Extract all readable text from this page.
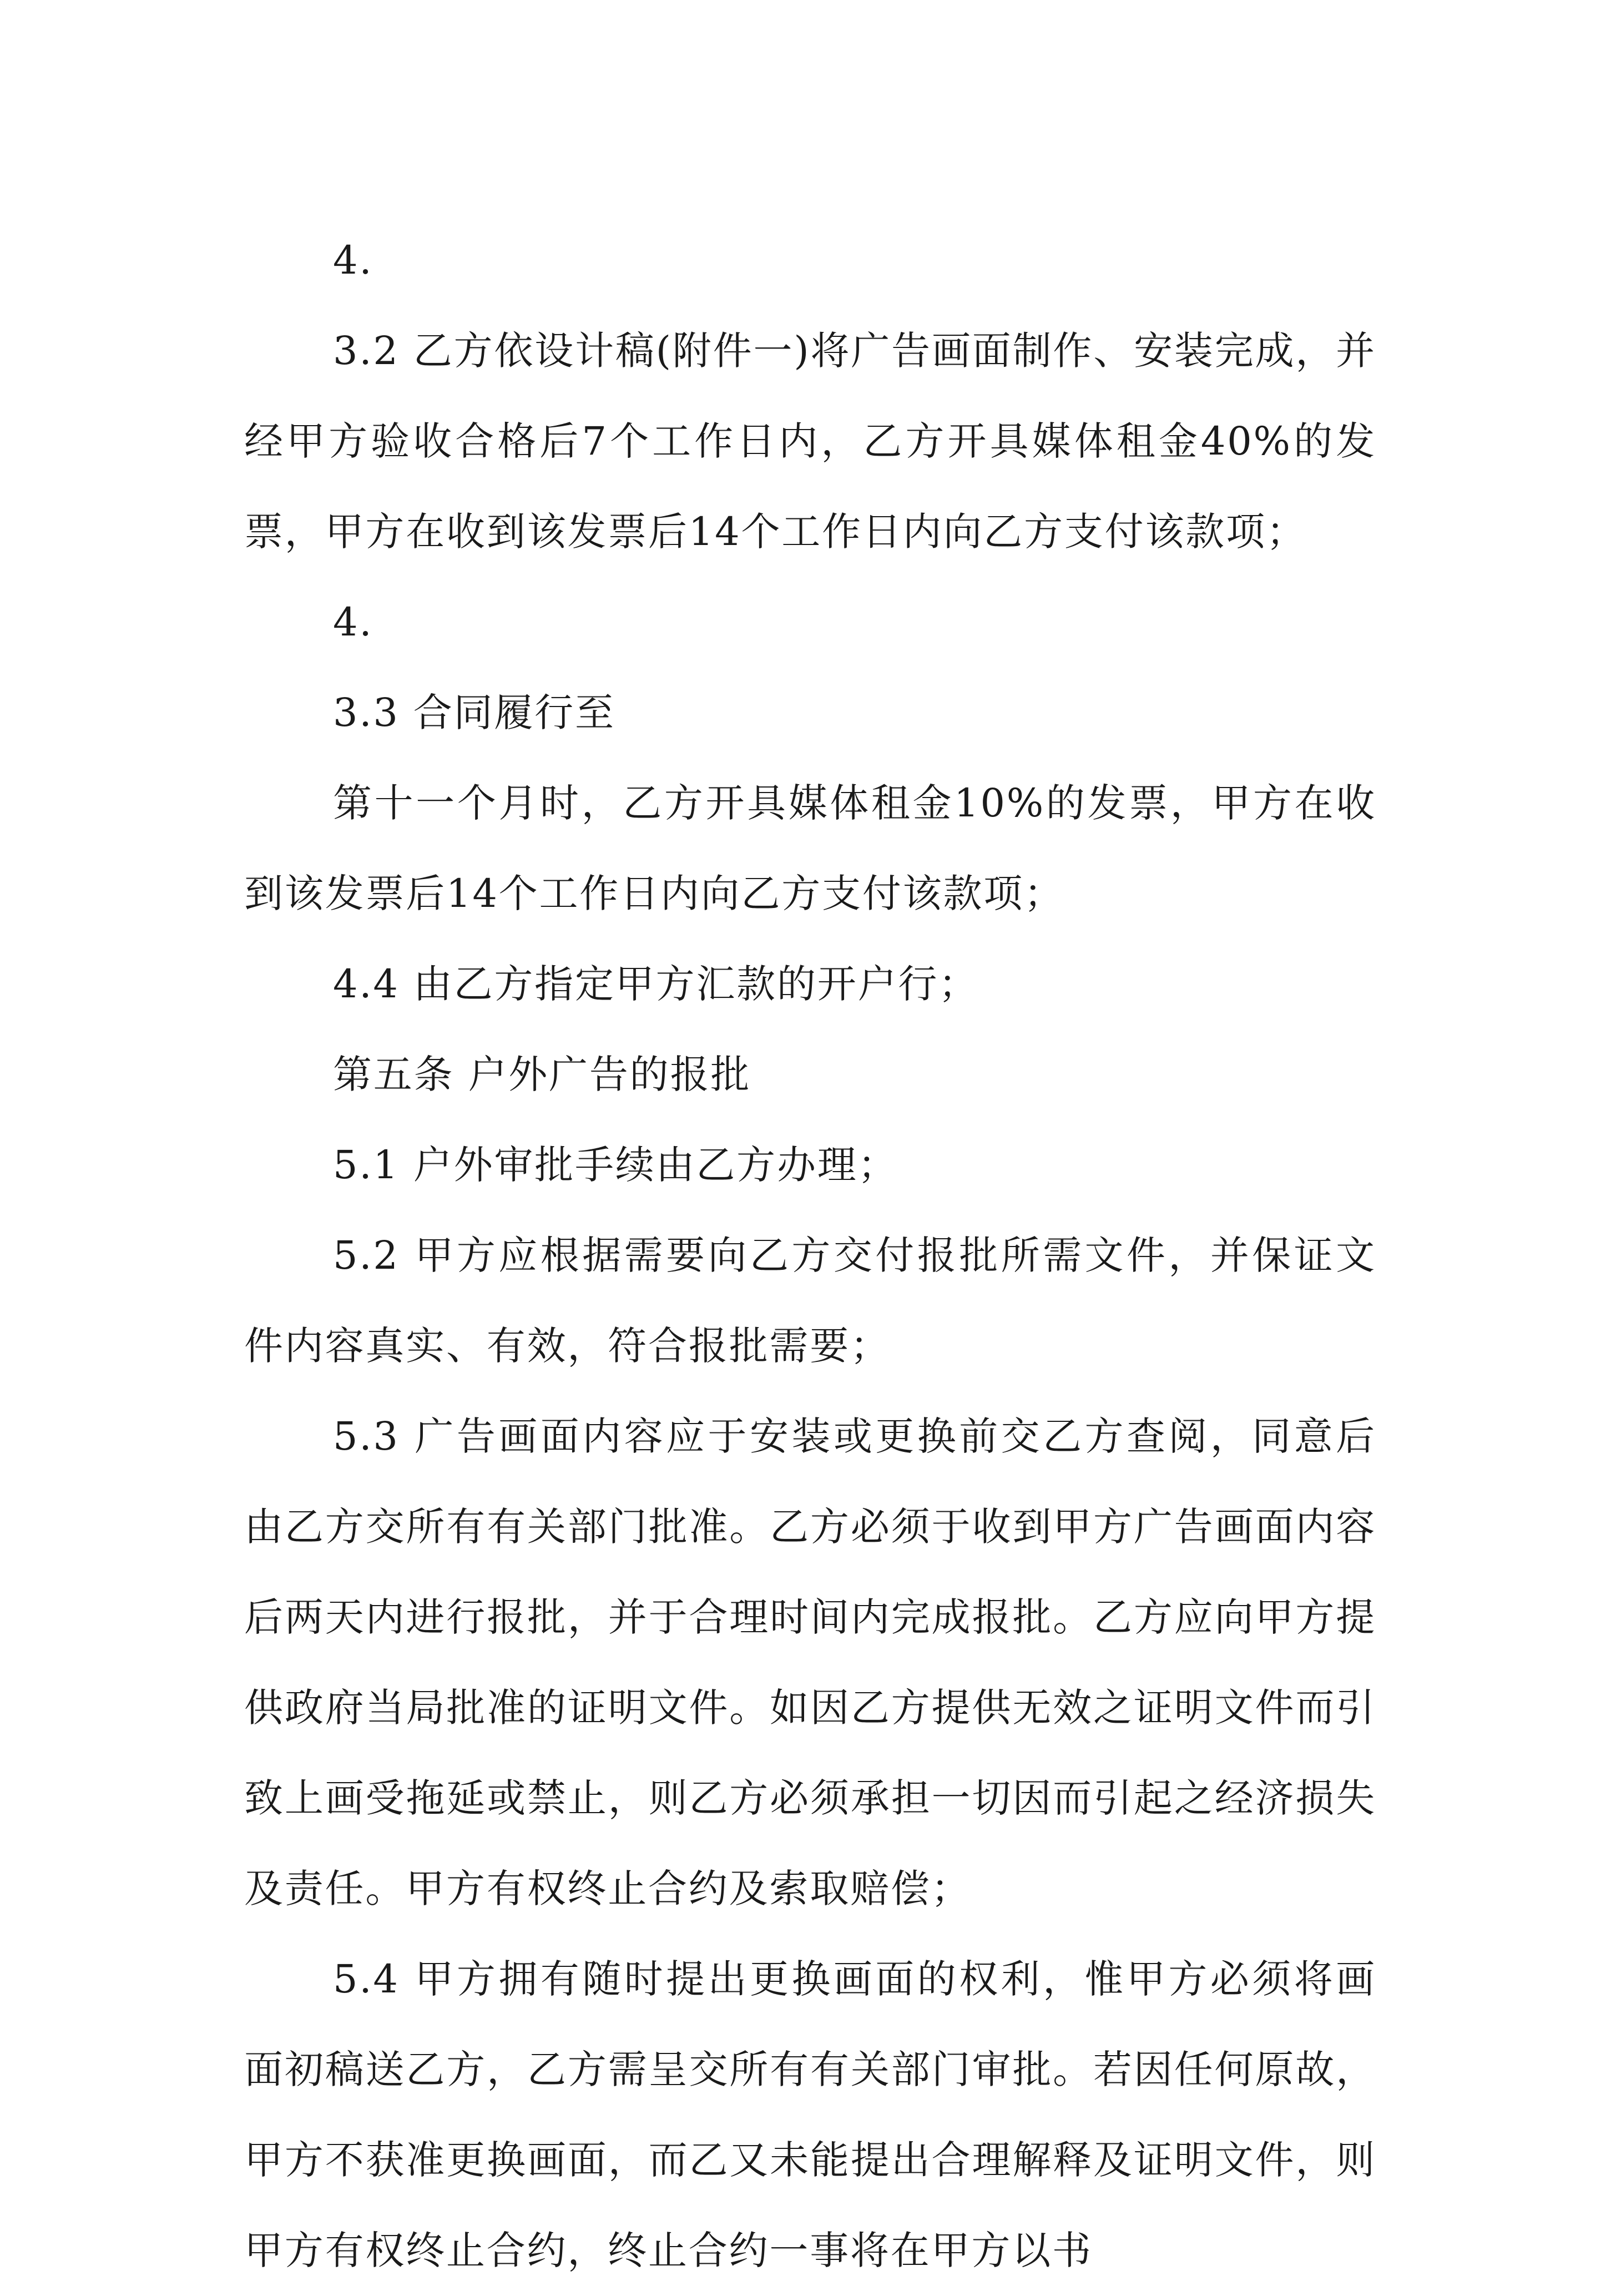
4.

3.2 乙方依设计稿(附件一)将广告画面制作、安装完成，并经甲方验收合格后7个工作日内，乙方开具媒体租金40%的发票，甲方在收到该发票后14个工作日内向乙方支付该款项；

4.

3.3 合同履行至

第十一个月时，乙方开具媒体租金10%的发票，甲方在收到该发票后14个工作日内向乙方支付该款项；

4.4 由乙方指定甲方汇款的开户行；

第五条 户外广告的报批

5.1 户外审批手续由乙方办理；

5.2 甲方应根据需要向乙方交付报批所需文件，并保证文件内容真实、有效，符合报批需要；

5.3 广告画面内容应于安装或更换前交乙方查阅，同意后由乙方交所有有关部门批准。乙方必须于收到甲方广告画面内容后两天内进行报批，并于合理时间内完成报批。乙方应向甲方提供政府当局批准的证明文件。如因乙方提供无效之证明文件而引致上画受拖延或禁止，则乙方必须承担一切因而引起之经济损失及责任。甲方有权终止合约及索取赔偿；

5.4 甲方拥有随时提出更换画面的权利，惟甲方必须将画面初稿送乙方，乙方需呈交所有有关部门审批。若因任何原故，甲方不获准更换画面，而乙又未能提出合理解释及证明文件，则甲方有权终止合约，终止合约一事将在甲方以书
